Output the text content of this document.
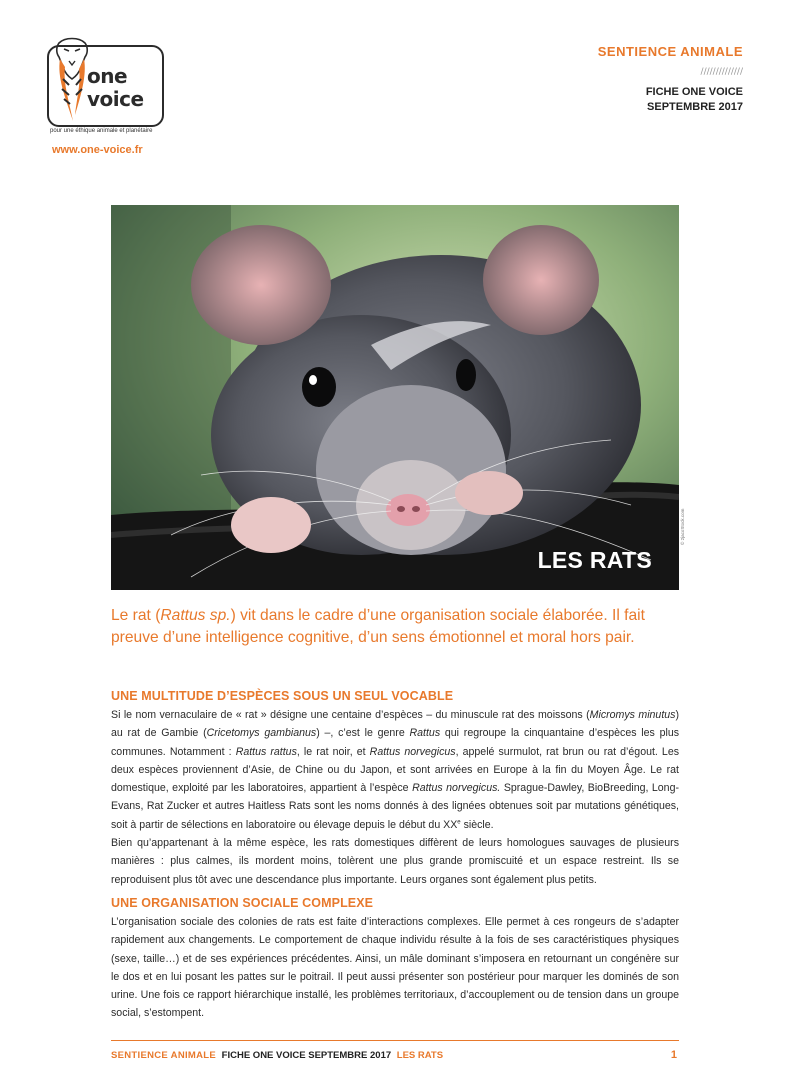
one
voice
pour une éthique animale et planétaire
www.one-voice.fr
SENTIENCE ANIMALE
//////////////
FICHE ONE VOICE
SEPTEMBRE 2017
LES RATS
© 2jacoStock.com
Le rat (Rattus sp.) vit dans le cadre d’une organisation sociale élaborée. Il fait preuve d’une intelligence cognitive, d’un sens émotionnel et moral hors pair.
UNE MULTITUDE D’ESPÈCES SOUS UN SEUL VOCABLE

Si le nom vernaculaire de « rat » désigne une centaine d’espèces – du minuscule rat des moissons (Micromys minutus) au rat de Gambie (Cricetomys gambianus) –, c’est le genre Rattus qui regroupe la cinquantaine d’espèces les plus communes. Notamment : Rattus rattus, le rat noir, et Rattus norvegicus, appelé surmulot, rat brun ou rat d’égout. Les deux espèces proviennent d’Asie, de Chine ou du Japon, et sont arrivées en Europe à la fin du Moyen Âge. Le rat domestique, exploité par les laboratoires, appartient à l’espèce Rattus norvegicus. Sprague-Dawley, BioBreeding, Long-Evans, Rat Zucker et autres Haitless Rats sont les noms donnés à des lignées obtenues soit par mutations génétiques, soit à partir de sélections en laboratoire ou élevage depuis le début du XXe siècle.

Bien qu’appartenant à la même espèce, les rats domestiques diffèrent de leurs homologues sauvages de plusieurs manières : plus calmes, ils mordent moins, tolèrent une plus grande promiscuité et un espace restreint. Ils se reproduisent plus tôt avec une descendance plus importante. Leurs organes sont également plus petits.

UNE ORGANISATION SOCIALE COMPLEXE

L’organisation sociale des colonies de rats est faite d’interactions complexes. Elle permet à ces rongeurs de s’adapter rapidement aux changements. Le comportement de chaque individu résulte à la fois de ses caractéristiques physiques (sexe, taille…) et de ses expériences précédentes. Ainsi, un mâle dominant s’imposera en retournant un congénère sur le dos et en lui posant les pattes sur le poitrail. Il peut aussi présenter son postérieur pour marquer les dominés de son urine. Une fois ce rapport hiérarchique installé, les problèmes territoriaux, d’accouplement ou de tension dans un groupe social, s’estompent.

SENTIENCE ANIMALE FICHE ONE VOICE SEPTEMBRE 2017 LES RATS	1
